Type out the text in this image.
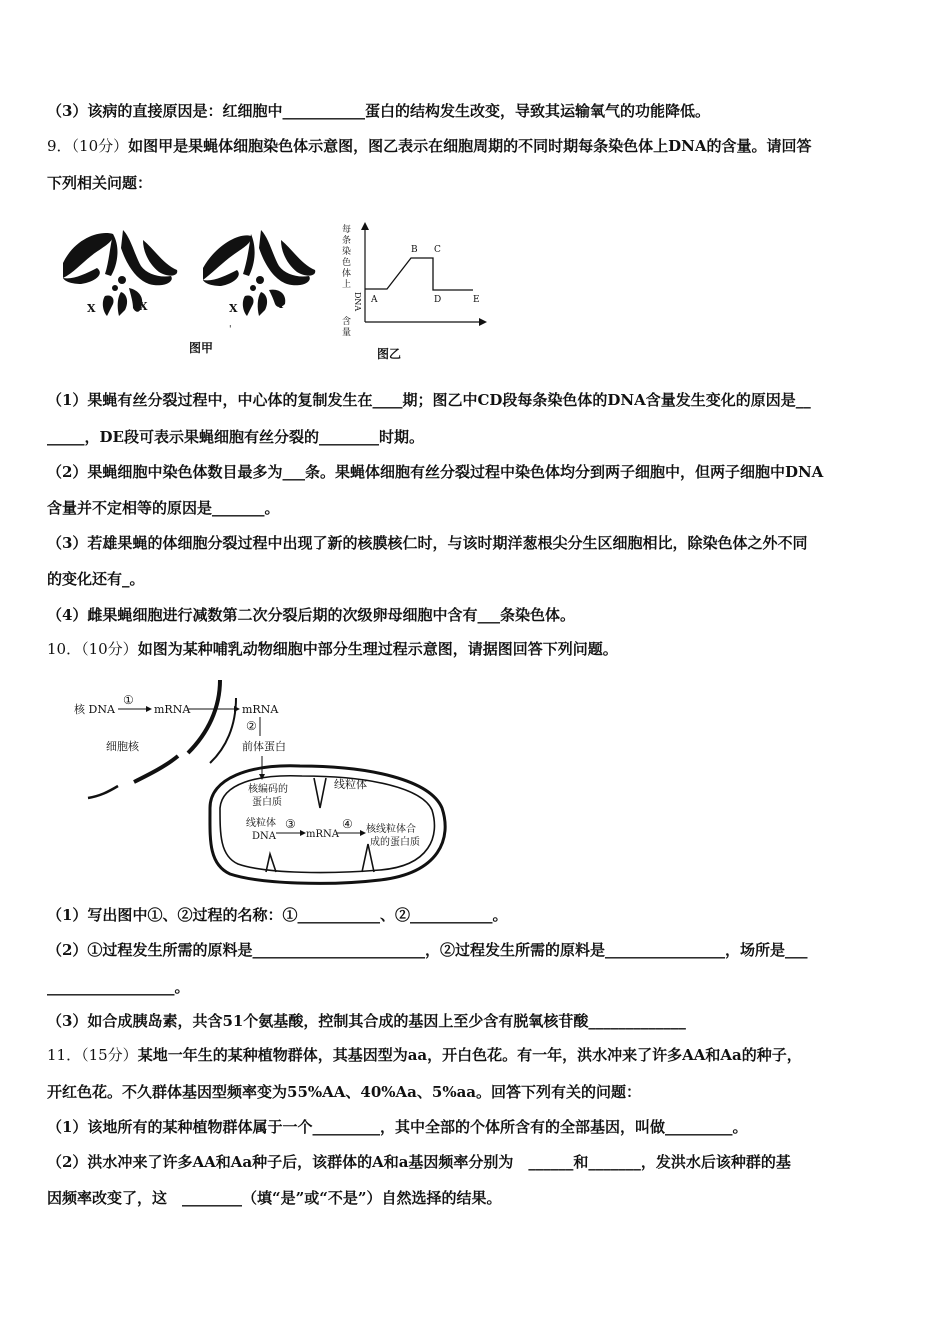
（3）该病的直接原因是：红细胞中___________蛋白的结构发生改变，导致其运输氧气的功能降低。
9．（10分）如图甲是果蝇体细胞染色体示意图，图乙表示在细胞周期的不同时期每条染色体上DNA的含量。请回答
下列相关问题：
X	X	X	Y
图甲
'
每
条
染
色
体
上
DNA
含
量
A
B C
D	E
图乙
（1）果蝇有丝分裂过程中，中心体的复制发生在____期；图乙中CD段每条染色体的DNA含量发生变化的原因是__
_____，DE段可表示果蝇细胞有丝分裂的________时期。
（2）果蝇细胞中染色体数目最多为___条。果蝇体细胞有丝分裂过程中染色体均分到两子细胞中，但两子细胞中DNA
含量并不定相等的原因是_______。
（3）若雄果蝇的体细胞分裂过程中出现了新的核膜核仁时，与该时期洋葱根尖分生区细胞相比，除染色体之外不同
的变化还有_。
（4）雌果蝇细胞进行减数第二次分裂后期的次级卵母细胞中含有___条染色体。
10．（10分）如图为某种哺乳动物细胞中部分生理过程示意图，请据图回答下列问题。
核 DNA
①
mRNA	mRNA
②
前体蛋白
细胞核
核编码的
蛋白质
线粒体
线粒体
DNA
③
mRNA
④ 核线粒体合
成的蛋白质
（1）写出图中①、②过程的名称：①___________、②___________。
（2）①过程发生所需的原料是_______________________，②过程发生所需的原料是________________，场所是___
_________________。
（3）如合成胰岛素，共含51个氨基酸，控制其合成的基因上至少含有脱氧核苷酸_____________
11．（15分）某地一年生的某种植物群体，其基因型为aa，开白色花。有一年，洪水冲来了许多AA和Aa的种子，
开红色花。不久群体基因型频率变为55%AA、40%Aa、5%aa。回答下列有关的问题：
（1）该地所有的某种植物群体属于一个_________，其中全部的个体所含有的全部基因，叫做_________。
（2）洪水冲来了许多AA和Aa种子后，该群体的A和a基因频率分别为　______和_______，发洪水后该种群的基
因频率改变了，这　________（填“是”或“不是”）自然选择的结果。
